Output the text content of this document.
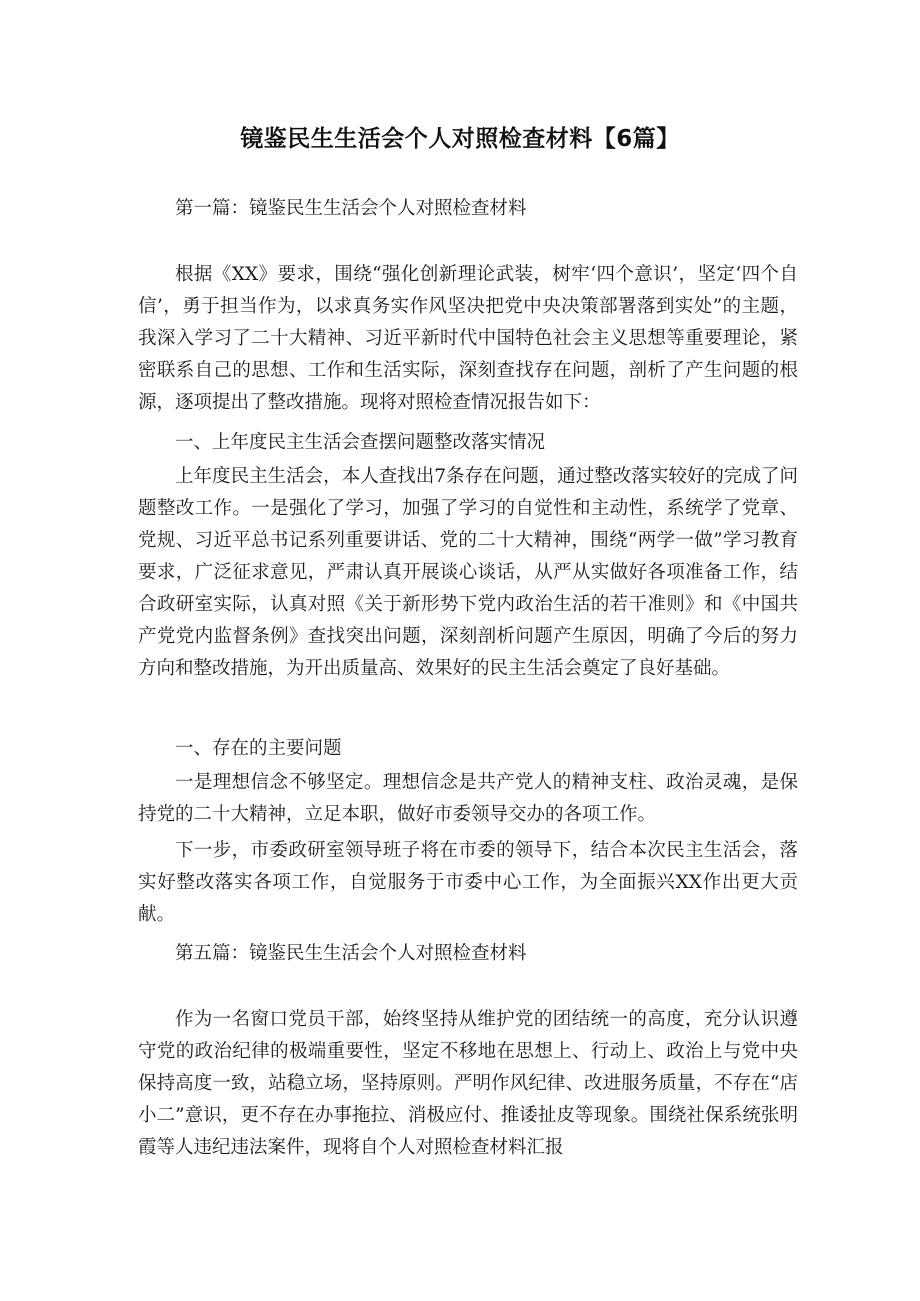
镜鉴民生生活会个人对照检查材料【6篇】
第一篇：镜鉴民生生活会个人对照检查材料
根据《XX》要求，围绕“强化创新理论武装，树牢‘四个意识’，坚定‘四个自信’，勇于担当作为，以求真务实作风坚决把党中央决策部署落到实处”的主题，我深入学习了二十大精神、习近平新时代中国特色社会主义思想等重要理论，紧密联系自己的思想、工作和生活实际，深刻查找存在问题，剖析了产生问题的根源，逐项提出了整改措施。现将对照检查情况报告如下：
一、上年度民主生活会查摆问题整改落实情况
上年度民主生活会，本人查找出7条存在问题，通过整改落实较好的完成了问题整改工作。一是强化了学习，加强了学习的自觉性和主动性，系统学了党章、党规、习近平总书记系列重要讲话、党的二十大精神，围绕“两学一做”学习教育要求，广泛征求意见，严肃认真开展谈心谈话，从严从实做好各项准备工作，结合政研室实际，认真对照《关于新形势下党内政治生活的若干准则》和《中国共产党党内监督条例》查找突出问题，深刻剖析问题产生原因，明确了今后的努力方向和整改措施，为开出质量高、效果好的民主生活会奠定了良好基础。
一、存在的主要问题
一是理想信念不够坚定。理想信念是共产党人的精神支柱、政治灵魂，是保持党的二十大精神，立足本职，做好市委领导交办的各项工作。
下一步，市委政研室领导班子将在市委的领导下，结合本次民主生活会，落实好整改落实各项工作，自觉服务于市委中心工作，为全面振兴XX作出更大贡献。
第五篇：镜鉴民生生活会个人对照检查材料
作为一名窗口党员干部，始终坚持从维护党的团结统一的高度，充分认识遵守党的政治纪律的极端重要性，坚定不移地在思想上、行动上、政治上与党中央保持高度一致，站稳立场，坚持原则。严明作风纪律、改进服务质量，不存在“店小二”意识，更不存在办事拖拉、消极应付、推诿扯皮等现象。围绕社保系统张明霞等人违纪违法案件，现将自个人对照检查材料汇报
